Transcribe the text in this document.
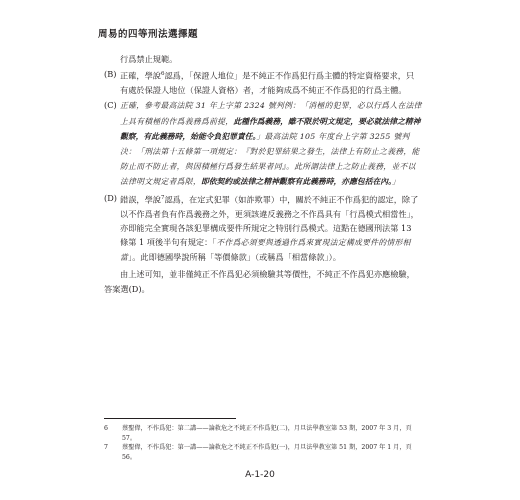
周易的四等刑法選擇題

行爲禁止規範。

(B) 正確，學說$^6$認爲，「保證人地位」是不純正不作爲犯行爲主體的特定資格要求，只有處於保證人地位（保證人資格）者，才能夠成爲不純正不作爲犯的行爲主體。
(C) 正確，參考最高法院 31 年上字第 2324 號判例：「消極的犯罪，必以行爲人在法律上具有積極的作爲義務爲前提，此種作爲義務，雖不限於明文規定，要必就法律之精神觀察，有此義務時，始能令負犯罪責任。」最高法院 105 年度台上字第 3255 號判決：「刑法第十五條第一項規定：『對於犯罪結果之發生，法律上有防止之義務，能防止而不防止者，與因積極行爲發生結果者同』。此所謂法律上之防止義務，並不以法律明文規定者爲限，即依契約或法律之精神觀察有此義務時，亦應包括在內。」
(D) 錯誤，學說$^7$認爲，在定式犯罪（如詐欺罪）中，關於不純正不作爲犯的認定，除了以不作爲者負有作爲義務之外，更須該違反義務之不作爲具有「行爲模式相當性」，亦即能完全實現各該犯罪構成要件所規定之特別行爲模式。這點在德國刑法第 13 條第 1 項後半句有規定：「不作爲必須要與透過作爲來實現法定構成要件的情形相當」。此即德國學說所稱「等價條款」（或稱爲「相當條款」）。

由上述可知，並非僅純正不作爲犯必須檢驗其等價性，不純正不作爲犯亦應檢驗，答案選(D)。

6	蔡聖偉，不作爲犯：第二講——論救危之不純正不作爲犯(二)，月旦法學教室第 53 期，2007 年 3 月，頁 57。
7	蔡聖偉，不作爲犯：第一講——論救危之不純正不作爲犯(一)，月旦法學教室第 51 期，2007 年 1 月，頁 56。
A-1-20
